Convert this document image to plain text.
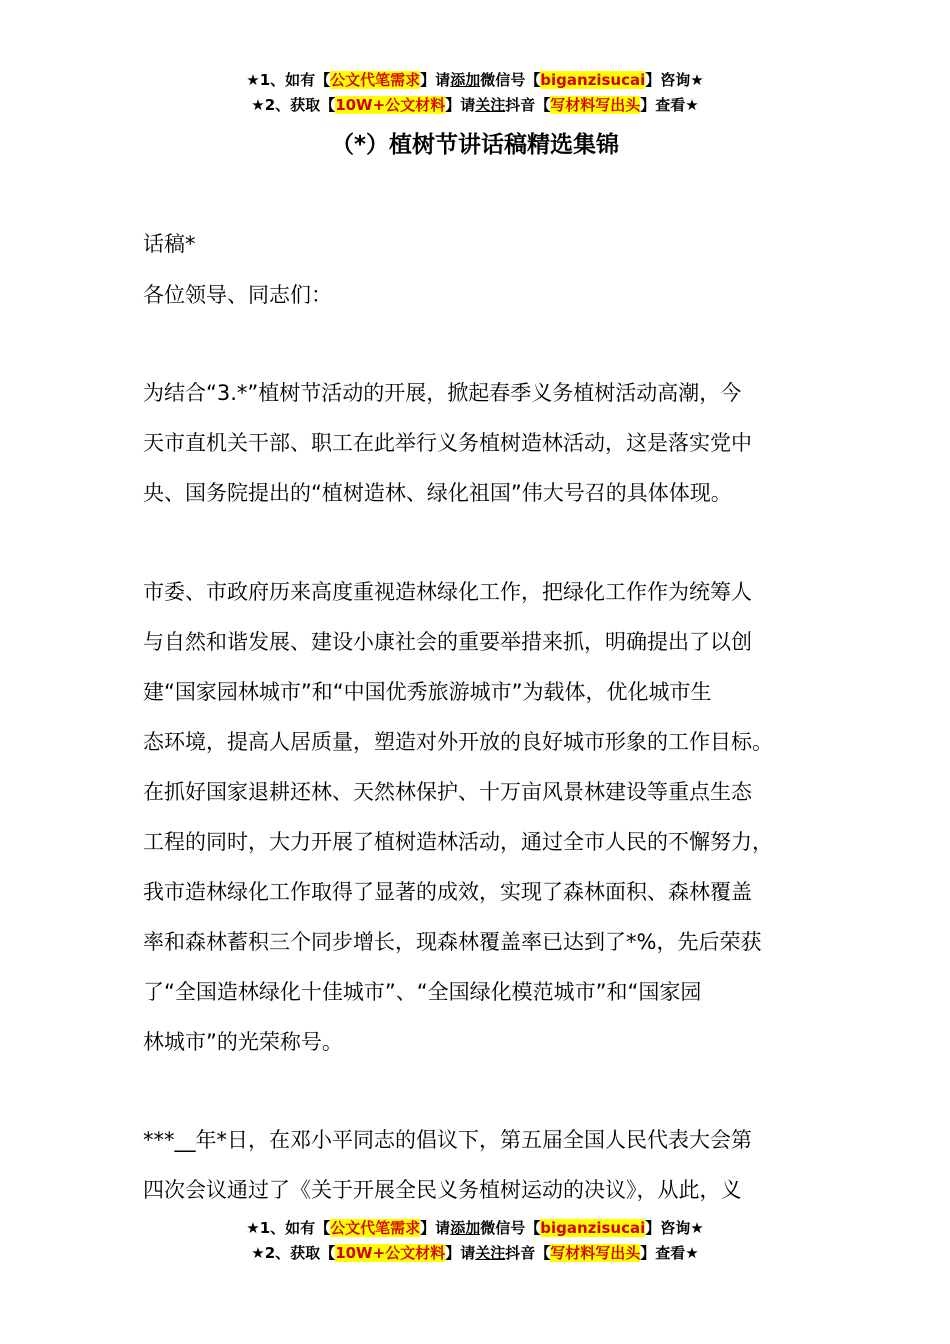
★1、如有【公文代笔需求】请添加微信号【biganzisucai】咨询★
★2、获取【10W+公文材料】请关注抖音【写材料写出头】查看★
（*）植树节讲话稿精选集锦

话稿*

各位领导、同志们：

为结合“3.*”植树节活动的开展，掀起春季义务植树活动高潮，今

天市直机关干部、职工在此举行义务植树造林活动，这是落实党中

央、国务院提出的“植树造林、绿化祖国”伟大号召的具体体现。

市委、市政府历来高度重视造林绿化工作，把绿化工作作为统筹人

与自然和谐发展、建设小康社会的重要举措来抓，明确提出了以创

建“国家园林城市”和“中国优秀旅游城市”为载体，优化城市生

态环境，提高人居质量，塑造对外开放的良好城市形象的工作目标。

在抓好国家退耕还林、天然林保护、十万亩风景林建设等重点生态

工程的同时，大力开展了植树造林活动，通过全市人民的不懈努力，

我市造林绿化工作取得了显著的成效，实现了森林面积、森林覆盖

率和森林蓄积三个同步增长，现森林覆盖率已达到了*%，先后荣获

了“全国造林绿化十佳城市”、“全国绿化模范城市”和“国家园

林城市”的光荣称号。

***__年*日，在邓小平同志的倡议下，第五届全国人民代表大会第

四次会议通过了《关于开展全民义务植树运动的决议》，从此，义

★1、如有【公文代笔需求】请添加微信号【biganzisucai】咨询★
★2、获取【10W+公文材料】请关注抖音【写材料写出头】查看★
